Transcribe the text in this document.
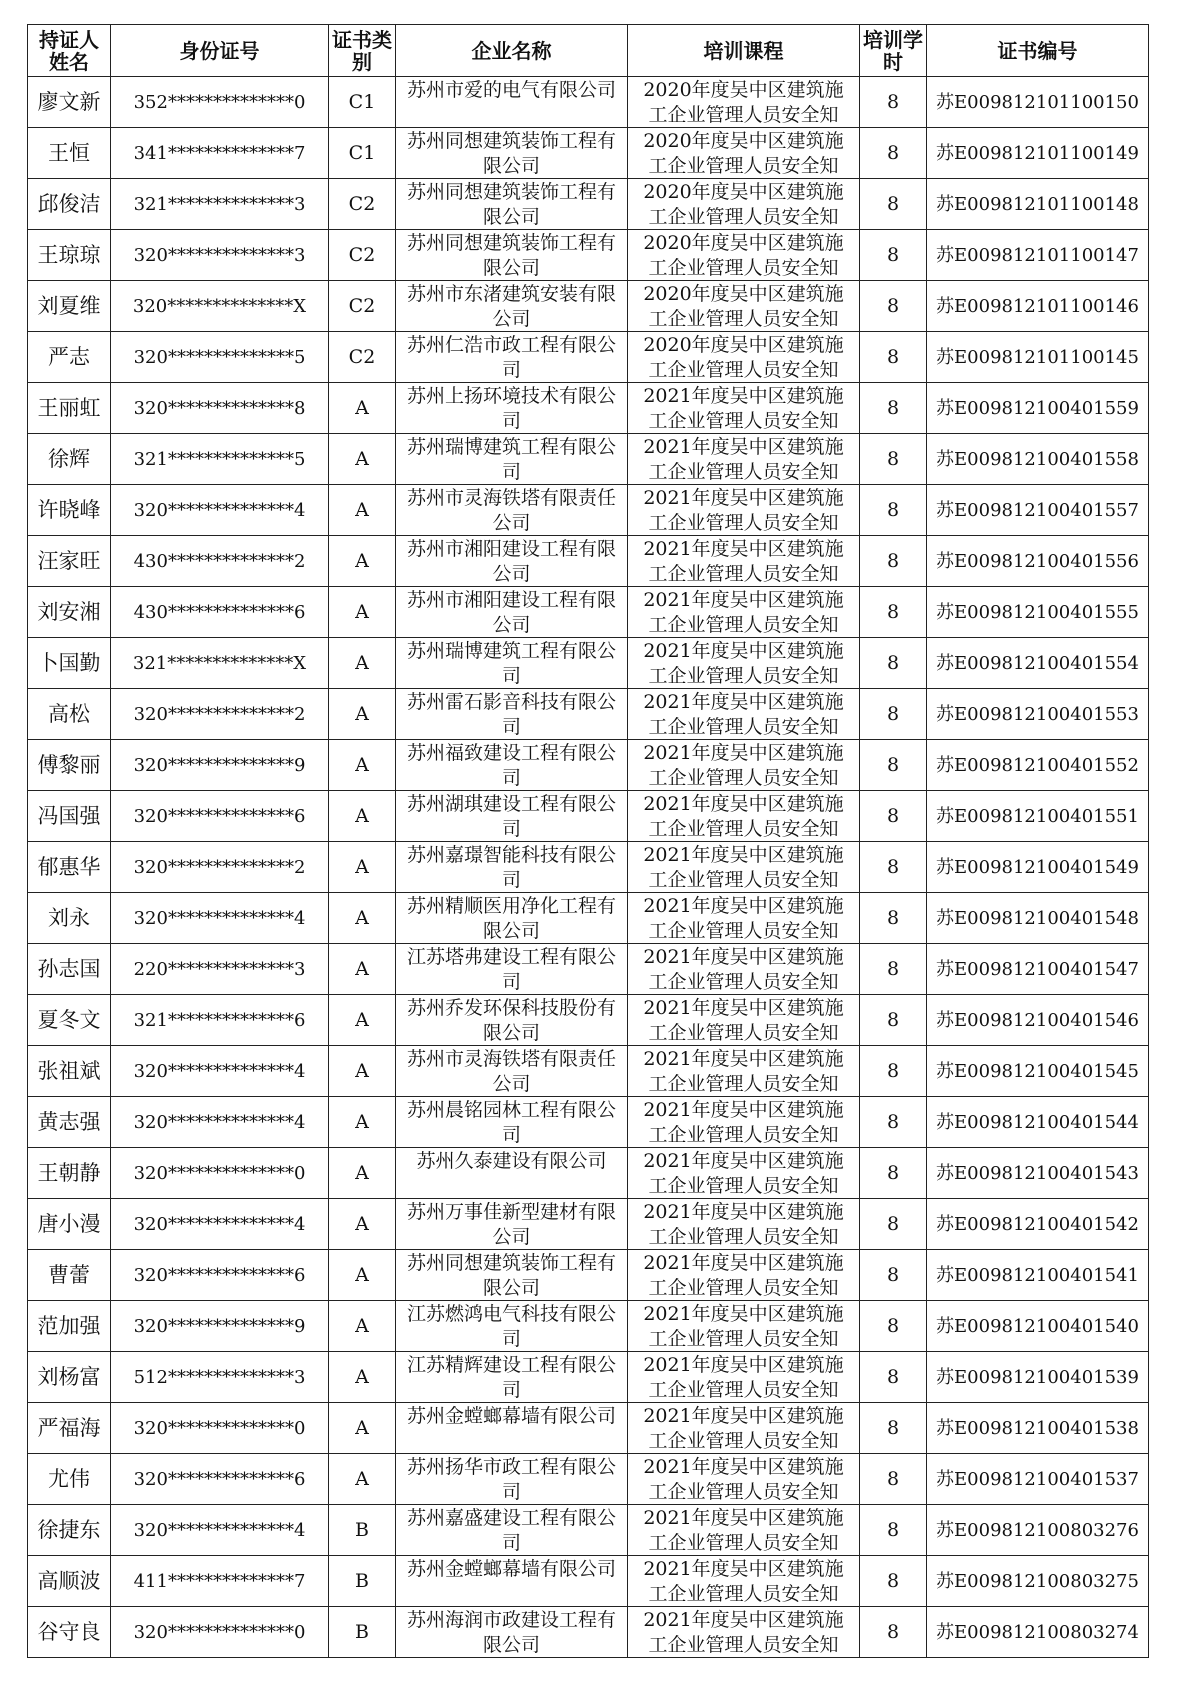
持证人姓名	身份证号	证书类别	企业名称	培训课程	培训学时	证书编号

廖文新	352**************0	C1	苏州市爱的电气有限公司	2020年度吴中区建筑施工企业管理人员安全知	8	苏E009812101100150

王恒	341**************7	C1	苏州同想建筑装饰工程有限公司	2020年度吴中区建筑施工企业管理人员安全知	8	苏E009812101100149

邱俊洁	321**************3	C2	苏州同想建筑装饰工程有限公司	2020年度吴中区建筑施工企业管理人员安全知	8	苏E009812101100148

王琼琼	320**************3	C2	苏州同想建筑装饰工程有限公司	2020年度吴中区建筑施工企业管理人员安全知	8	苏E009812101100147

刘夏维	320**************X	C2	苏州市东渚建筑安装有限公司	2020年度吴中区建筑施工企业管理人员安全知	8	苏E009812101100146

严志	320**************5	C2	苏州仁浩市政工程有限公司	2020年度吴中区建筑施工企业管理人员安全知	8	苏E009812101100145

王丽虹	320**************8	A	苏州上扬环境技术有限公司	2021年度吴中区建筑施工企业管理人员安全知	8	苏E009812100401559

徐辉	321**************5	A	苏州瑞博建筑工程有限公司	2021年度吴中区建筑施工企业管理人员安全知	8	苏E009812100401558

许晓峰	320**************4	A	苏州市灵海铁塔有限责任公司	2021年度吴中区建筑施工企业管理人员安全知	8	苏E009812100401557

汪家旺	430**************2	A	苏州市湘阳建设工程有限公司	2021年度吴中区建筑施工企业管理人员安全知	8	苏E009812100401556

刘安湘	430**************6	A	苏州市湘阳建设工程有限公司	2021年度吴中区建筑施工企业管理人员安全知	8	苏E009812100401555

卜国勤	321**************X	A	苏州瑞博建筑工程有限公司	2021年度吴中区建筑施工企业管理人员安全知	8	苏E009812100401554

高松	320**************2	A	苏州雷石影音科技有限公司	2021年度吴中区建筑施工企业管理人员安全知	8	苏E009812100401553

傅黎丽	320**************9	A	苏州福致建设工程有限公司	2021年度吴中区建筑施工企业管理人员安全知	8	苏E009812100401552

冯国强	320**************6	A	苏州湖琪建设工程有限公司	2021年度吴中区建筑施工企业管理人员安全知	8	苏E009812100401551

郁惠华	320**************2	A	苏州嘉璟智能科技有限公司	2021年度吴中区建筑施工企业管理人员安全知	8	苏E009812100401549

刘永	320**************4	A	苏州精顺医用净化工程有限公司	2021年度吴中区建筑施工企业管理人员安全知	8	苏E009812100401548

孙志国	220**************3	A	江苏塔弗建设工程有限公司	2021年度吴中区建筑施工企业管理人员安全知	8	苏E009812100401547

夏冬文	321**************6	A	苏州乔发环保科技股份有限公司	2021年度吴中区建筑施工企业管理人员安全知	8	苏E009812100401546

张祖斌	320**************4	A	苏州市灵海铁塔有限责任公司	2021年度吴中区建筑施工企业管理人员安全知	8	苏E009812100401545

黄志强	320**************4	A	苏州晨铭园林工程有限公司	2021年度吴中区建筑施工企业管理人员安全知	8	苏E009812100401544

王朝静	320**************0	A	苏州久泰建设有限公司	2021年度吴中区建筑施工企业管理人员安全知	8	苏E009812100401543

唐小漫	320**************4	A	苏州万事佳新型建材有限公司	2021年度吴中区建筑施工企业管理人员安全知	8	苏E009812100401542

曹蕾	320**************6	A	苏州同想建筑装饰工程有限公司	2021年度吴中区建筑施工企业管理人员安全知	8	苏E009812100401541

范加强	320**************9	A	江苏燃鸿电气科技有限公司	2021年度吴中区建筑施工企业管理人员安全知	8	苏E009812100401540

刘杨富	512**************3	A	江苏精辉建设工程有限公司	2021年度吴中区建筑施工企业管理人员安全知	8	苏E009812100401539

严福海	320**************0	A	苏州金螳螂幕墙有限公司	2021年度吴中区建筑施工企业管理人员安全知	8	苏E009812100401538

尤伟	320**************6	A	苏州扬华市政工程有限公司	2021年度吴中区建筑施工企业管理人员安全知	8	苏E009812100401537

徐捷东	320**************4	B	苏州嘉盛建设工程有限公司	2021年度吴中区建筑施工企业管理人员安全知	8	苏E009812100803276

高顺波	411**************7	B	苏州金螳螂幕墙有限公司	2021年度吴中区建筑施工企业管理人员安全知	8	苏E009812100803275

谷守良	320**************0	B	苏州海润市政建设工程有限公司	2021年度吴中区建筑施工企业管理人员安全知	8	苏E009812100803274
